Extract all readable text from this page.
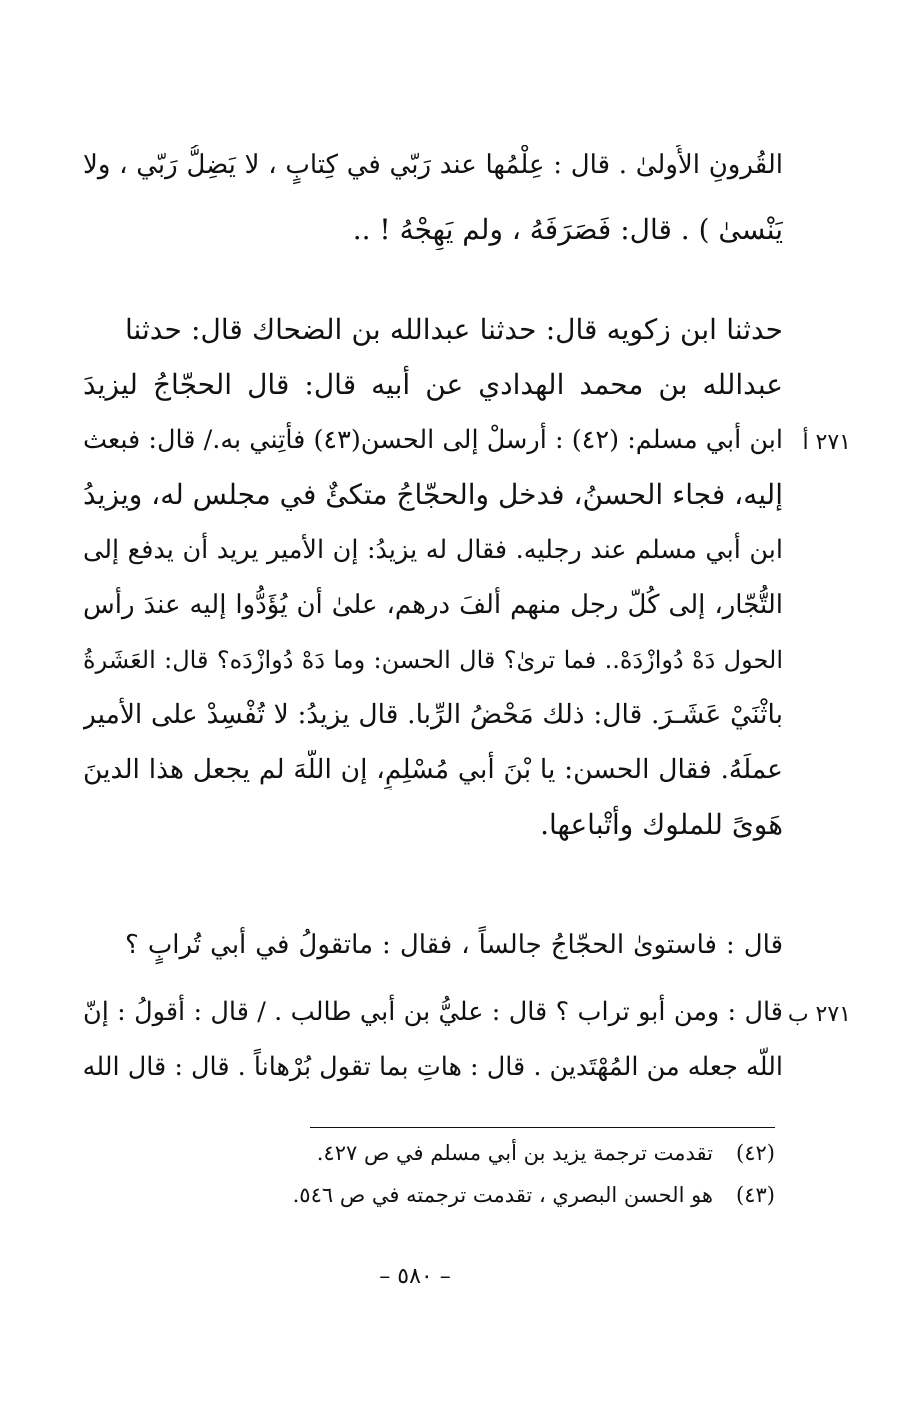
القُرونِ الأُولىٰ . قال : عِلْمُها عند رَبّي في كِتابٍ ، لا يَضِلُّ رَبّي ، ولا
يَنْسىٰ ) . قال: فَصَرَفَهُ ، ولم يَهِجْهُ ! ..
حدثنا ابن زكويه قال: حدثنا عبدالله بن الضحاك قال: حدثنا
عبدالله بن محمد الهدادي عن أبيه قال: قال الحجّاجُ ليزيدَ
ابن أبي مسلم: (٤٢) : أرسلْ إلى الحسن(٤٣) فأْتِني به./ قال: فبعث
إليه، فجاء الحسنُ، فدخل والحجّاجُ متكئٌ في مجلس له، ويزيدُ
ابن أبي مسلم عند رجليه. فقال له يزيدُ: إن الأمير يريد أن يدفع إلى
التُّجّار، إلى كُلّ رجل منهم ألفَ درهم، علىٰ أن يُؤَدُّوا إليه عندَ رأس
الحول دَهْ دُوازْدَهْ.. فما ترىٰ؟ قال الحسن: وما دَهْ دُوازْدَه؟ قال: العَشَرةُ
باثْنَيْ عَشَـرَ. قال: ذلك مَحْضُ الرِّبا. قال يزيدُ: لا تُفْسِدْ على الأمير
عملَهُ. فقال الحسن: يا بْنَ أبي مُسْلِمٍ، إن اللّهَ لم يجعل هذا الدينَ
هَوىً للملوك وأتْباعها.
٢٧١ أ
قال : فاستوىٰ الحجّاجُ جالساً ، فقال : ماتقولُ في أبي تُرابٍ ؟
قال : ومن أبو تراب ؟ قال : عليُّ بن أبي طالب . / قال : أقولُ : إنّ
اللّه جعله من المُهْتَدين . قال : هاتِ بما تقول بُرْهاناً . قال : قال الله
٢٧١ ب
(٤٢)تقدمت ترجمة يزيد بن أبي مسلم في ص ٤٢٧.
(٤٣)هو الحسن البصري ، تقدمت ترجمته في ص ٥٤٦.
– ٥٨٠ –
